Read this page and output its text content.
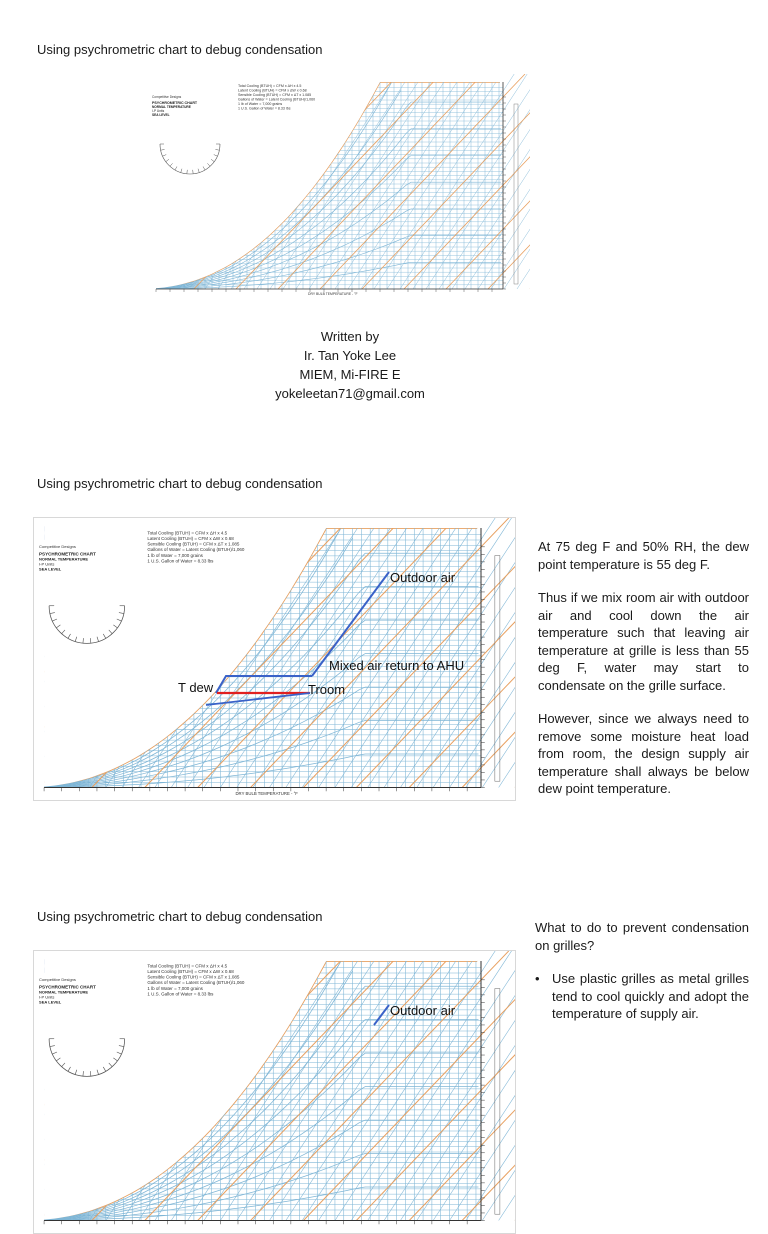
Using psychrometric chart to debug condensation
Total Cooling (BTUH) = CFM x ΔH x 4.5
Latent Cooling (BTUH) = CFM x ΔW x 0.68
Sensible Cooling (BTUH) = CFM x ΔT x 1.085
Gallons of Water = Latent Cooling (BTUH)/1,060
1 lb of Water = 7,000 grains
1 U.S. Gallon of Water = 8.33 lbs
Competitive Designs
PSYCHROMETRIC CHART
NORMAL TEMPERATURE
I-P Units
SEA LEVEL
DRY BULB TEMPERATURE - °F
Written by
Ir. Tan Yoke Lee
MIEM, Mi-FIRE E
yokeleetan71@gmail.com
Using psychrometric chart to debug condensation
Total Cooling (BTUH) = CFM x ΔH x 4.5
Latent Cooling (BTUH) = CFM x ΔW x 0.68
Sensible Cooling (BTUH) = CFM x ΔT x 1.085
Gallons of Water = Latent Cooling (BTUH)/1,060
1 lb of Water = 7,000 grains
1 U.S. Gallon of Water = 8.33 lbs
Competitive Designs
PSYCHROMETRIC CHART
NORMAL TEMPERATURE
I-P Units
SEA LEVEL
DRY BULB TEMPERATURE - °F
Outdoor air
Mixed air return to AHU
T dew	Troom

At 75 deg F and 50% RH, the dew point temperature is 55 deg F.

Thus if we mix room air with outdoor air and cool down the air temperature such that leaving air temperature at grille is less than 55 deg F, water may start to condensate on the grille surface.

However, since we always need to remove some moisture heat load from room, the design supply air temperature shall always be below dew point temperature.

Using psychrometric chart to debug condensation
Total Cooling (BTUH) = CFM x ΔH x 4.5
Latent Cooling (BTUH) = CFM x ΔW x 0.68
Sensible Cooling (BTUH) = CFM x ΔT x 1.085
Gallons of Water = Latent Cooling (BTUH)/1,060
1 lb of Water = 7,000 grains
1 U.S. Gallon of Water = 8.33 lbs
Competitive Designs
PSYCHROMETRIC CHART
NORMAL TEMPERATURE
I-P Units
SEA LEVEL
Outdoor air

What to do to prevent condensation on grilles?

• Use plastic grilles as metal grilles tend to cool quickly and adopt the temperature of supply air.
